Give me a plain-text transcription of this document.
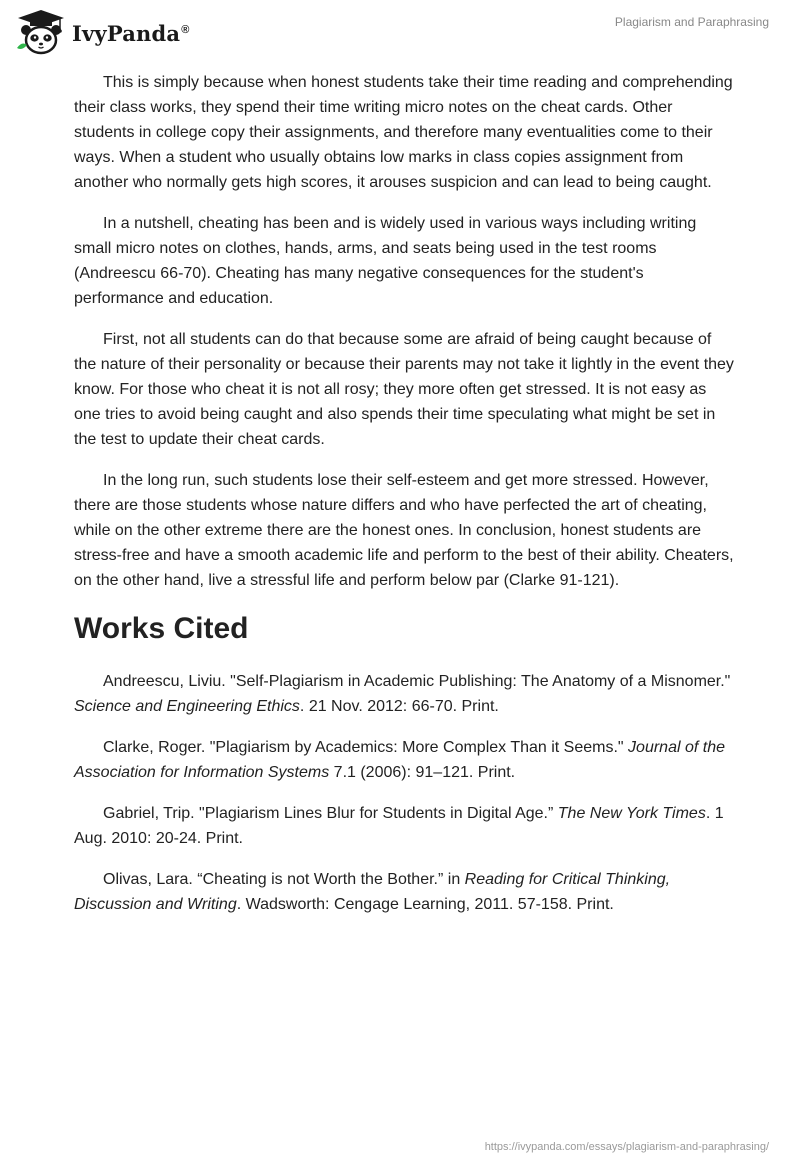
IvyPanda®
Plagiarism and Paraphrasing

This is simply because when honest students take their time reading and comprehending their class works, they spend their time writing micro notes on the cheat cards. Other students in college copy their assignments, and therefore many eventualities come to their ways. When a student who usually obtains low marks in class copies assignment from another who normally gets high scores, it arouses suspicion and can lead to being caught.

In a nutshell, cheating has been and is widely used in various ways including writing small micro notes on clothes, hands, arms, and seats being used in the test rooms (Andreescu 66-70). Cheating has many negative consequences for the student's performance and education.

First, not all students can do that because some are afraid of being caught because of the nature of their personality or because their parents may not take it lightly in the event they know. For those who cheat it is not all rosy; they more often get stressed. It is not easy as one tries to avoid being caught and also spends their time speculating what might be set in the test to update their cheat cards.

In the long run, such students lose their self-esteem and get more stressed. However, there are those students whose nature differs and who have perfected the art of cheating, while on the other extreme there are the honest ones. In conclusion, honest students are stress-free and have a smooth academic life and perform to the best of their ability. Cheaters, on the other hand, live a stressful life and perform below par (Clarke 91-121).

Works Cited

Andreescu, Liviu. "Self-Plagiarism in Academic Publishing: The Anatomy of a Misnomer." Science and Engineering Ethics. 21 Nov. 2012: 66-70. Print.

Clarke, Roger. "Plagiarism by Academics: More Complex Than it Seems." Journal of the Association for Information Systems 7.1 (2006): 91–121. Print.

Gabriel, Trip. "Plagiarism Lines Blur for Students in Digital Age.” The New York Times. 1 Aug. 2010: 20-24. Print.

Olivas, Lara. “Cheating is not Worth the Bother.” in Reading for Critical Thinking, Discussion and Writing. Wadsworth: Cengage Learning, 2011. 57-158. Print.

https://ivypanda.com/essays/plagiarism-and-paraphrasing/
